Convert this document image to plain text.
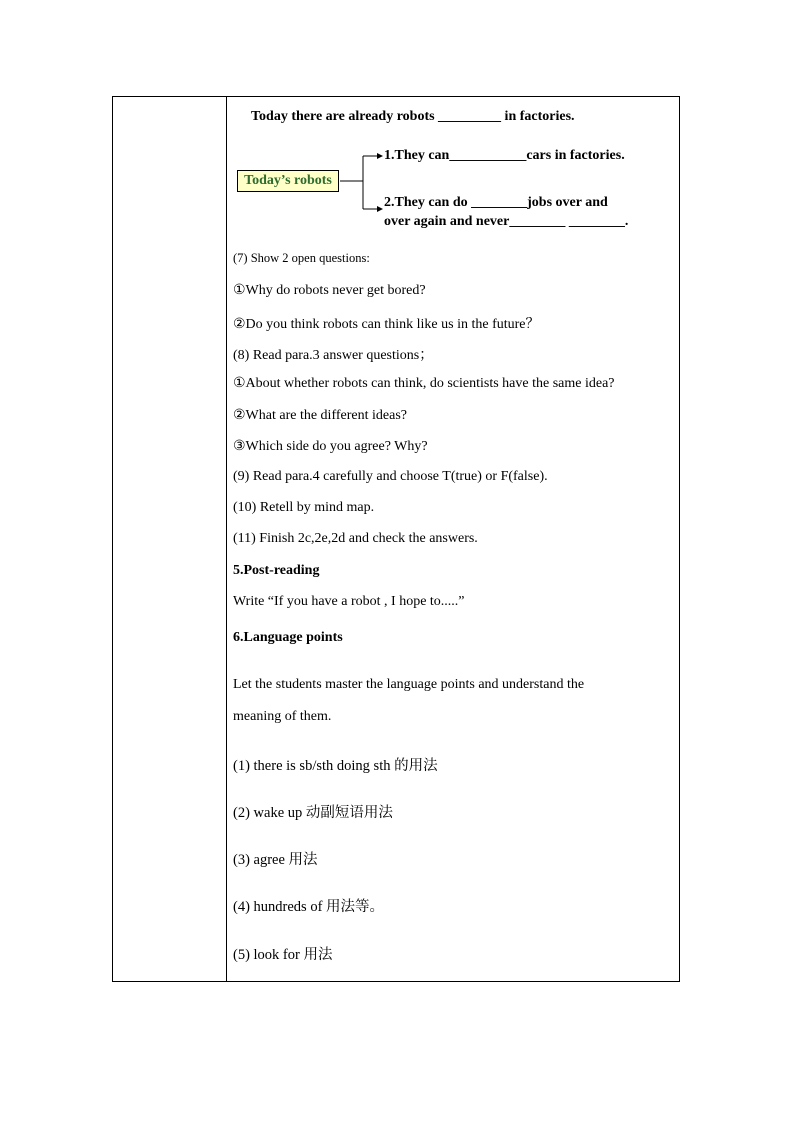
Today there are already robots _________ in factories.
Today’s robots
1.They can___________cars in factories.
2.They can do ________jobs over and
over again and never________ ________.
(7) Show 2 open questions:
①Why do robots never get bored?
②Do you think robots can think like us in the future？
(8) Read para.3 answer questions；
①About whether robots can think, do scientists have the same idea?
②What are the different ideas?
③Which side do you agree? Why?
(9) Read para.4 carefully and choose T(true) or F(false).
(10) Retell by mind map.
(11) Finish 2c,2e,2d and check the answers.
5.Post-reading
Write “If you have a robot , I hope to.....”
6.Language points
Let the students master the language points and understand the
meaning of them.
(1) there is sb/sth doing sth 的用法
(2) wake up 动副短语用法
(3) agree 用法
(4) hundreds of 用法等。
(5) look for 用法
